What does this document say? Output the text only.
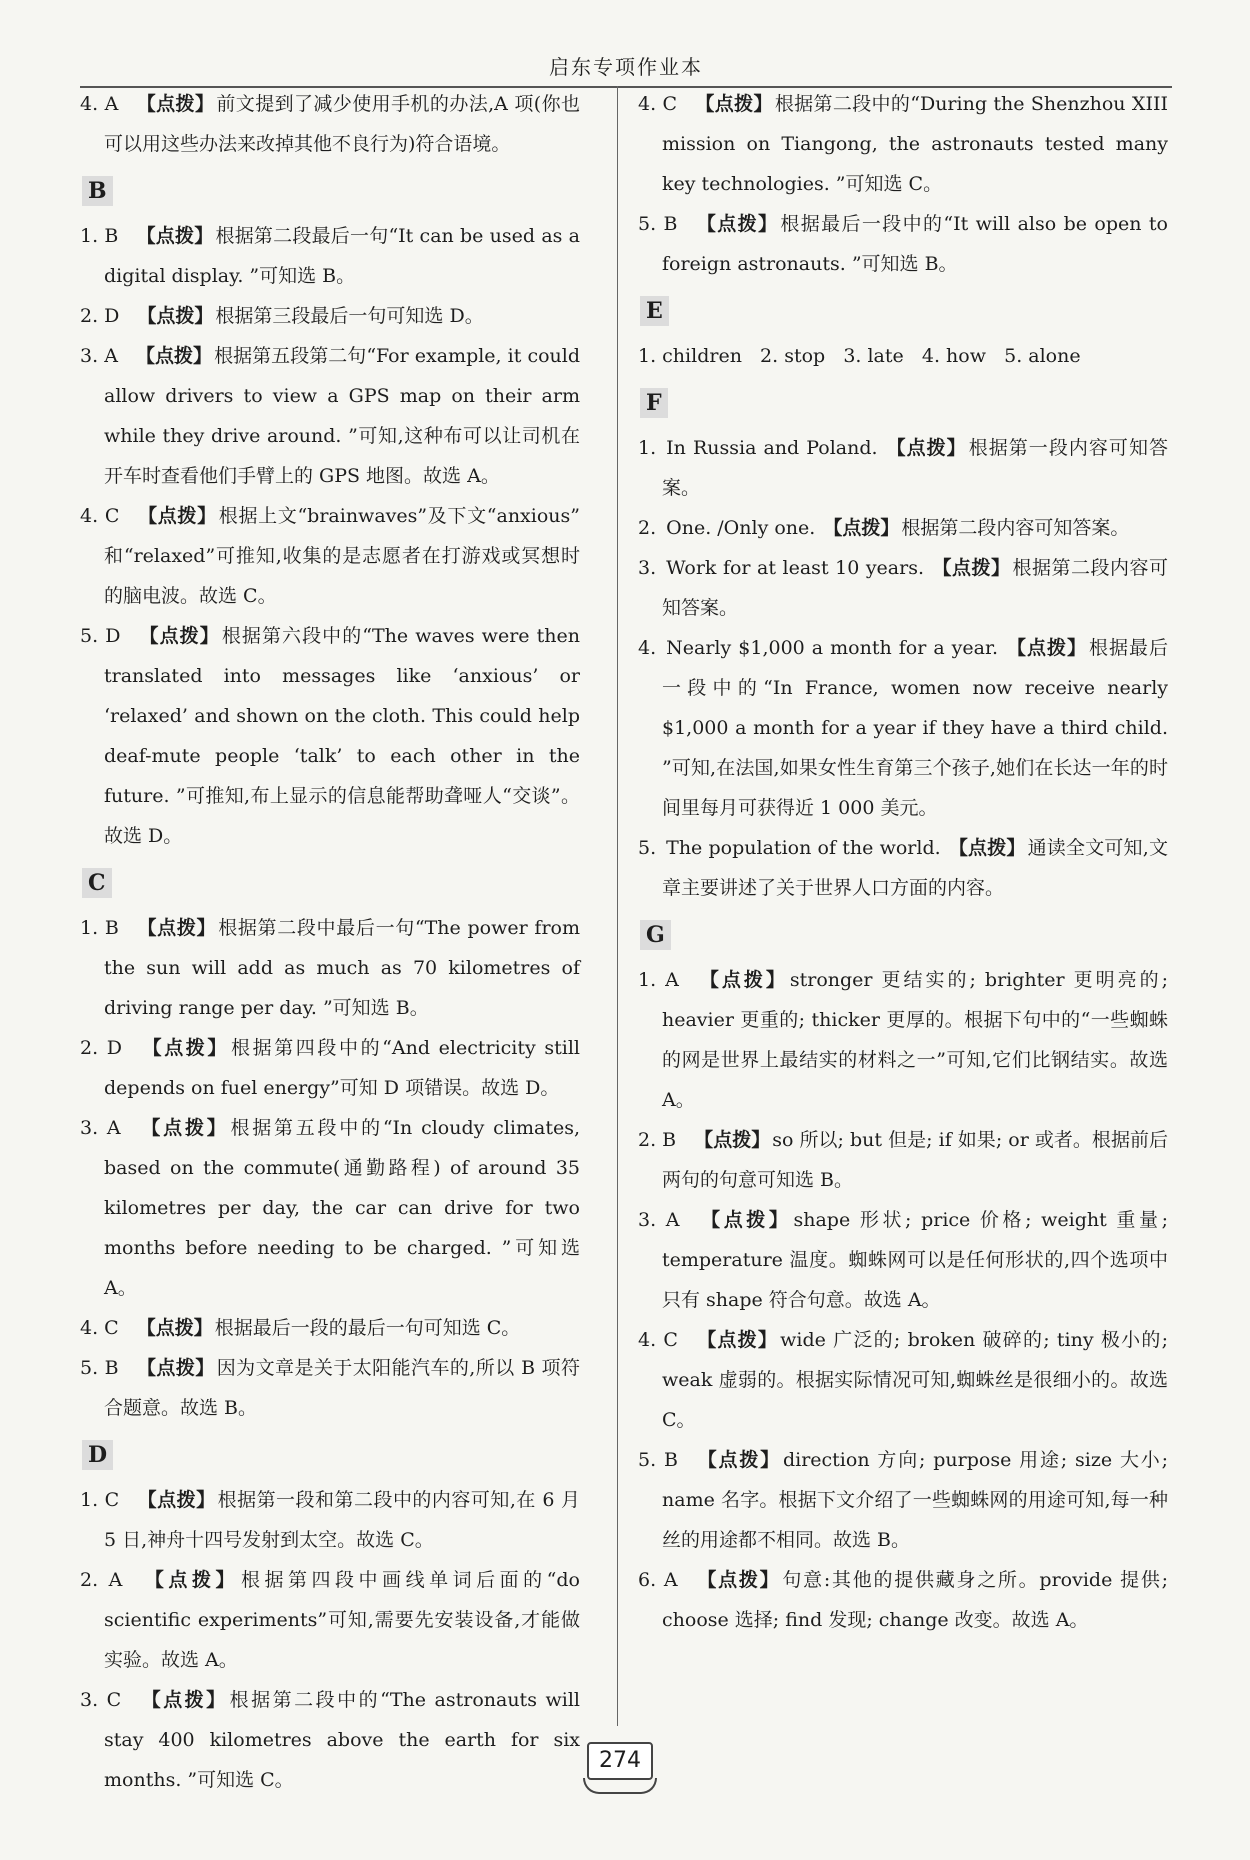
启东专项作业本

4. A 【点拨】 前文提到了减少使用手机的办法,A 项(你也可以用这些办法来改掉其他不良行为)符合语境。

B

1. B 【点拨】 根据第二段最后一句“It can be used as a digital display. ”可知选 B。

2. D 【点拨】 根据第三段最后一句可知选 D。

3. A 【点拨】 根据第五段第二句“For example, it could allow drivers to view a GPS map on their arm while they drive around. ”可知,这种布可以让司机在开车时查看他们手臂上的 GPS 地图。故选 A。

4. C 【点拨】 根据上文“brainwaves”及下文“anxious” 和“relaxed”可推知,收集的是志愿者在打游戏或冥想时的脑电波。故选 C。

5. D 【点拨】 根据第六段中的“The waves were then translated into messages like ‘anxious’ or ‘relaxed’ and shown on the cloth. This could help deaf-mute people ‘talk’ to each other in the future. ”可推知,布上显示的信息能帮助聋哑人“交谈”。故选 D。

C

1. B 【点拨】 根据第二段中最后一句“The power from the sun will add as much as 70 kilometres of driving range per day. ”可知选 B。

2. D 【点拨】 根据第四段中的“And electricity still depends on fuel energy”可知 D 项错误。故选 D。

3. A 【点拨】 根据第五段中的“In cloudy climates, based on the commute(通勤路程) of around 35 kilometres per day, the car can drive for two months before needing to be charged. ”可知选 A。

4. C 【点拨】 根据最后一段的最后一句可知选 C。

5. B 【点拨】 因为文章是关于太阳能汽车的,所以 B 项符合题意。故选 B。

D

1. C 【点拨】 根据第一段和第二段中的内容可知,在 6 月 5 日,神舟十四号发射到太空。故选 C。

2. A 【点拨】 根据第四段中画线单词后面的“do scientific experiments”可知,需要先安装设备,才能做实验。故选 A。

3. C 【点拨】 根据第二段中的“The astronauts will stay 400 kilometres above the earth for six months. ”可知选 C。

4. C 【点拨】 根据第二段中的“During the Shenzhou XIII mission on Tiangong, the astronauts tested many key technologies. ”可知选 C。

5. B 【点拨】 根据最后一段中的“It will also be open to foreign astronauts. ”可知选 B。

E

1. children   2. stop   3. late   4. how   5. alone

F

1. In Russia and Poland. 【点拨】 根据第一段内容可知答案。

2. One. /Only one. 【点拨】 根据第二段内容可知答案。

3. Work for at least 10 years. 【点拨】 根据第二段内容可知答案。

4. Nearly $1,000 a month for a year. 【点拨】 根据最后一段中的“In France, women now receive nearly $1,000 a month for a year if they have a third child. ”可知,在法国,如果女性生育第三个孩子,她们在长达一年的时间里每月可获得近 1 000 美元。

5. The population of the world. 【点拨】 通读全文可知,文章主要讲述了关于世界人口方面的内容。

G

1. A 【点拨】 stronger 更结实的; brighter 更明亮的; heavier 更重的; thicker 更厚的。根据下句中的“一些蜘蛛的网是世界上最结实的材料之一”可知,它们比钢结实。故选 A。

2. B 【点拨】 so 所以; but 但是; if 如果; or 或者。根据前后两句的句意可知选 B。

3. A 【点拨】 shape 形状; price 价格; weight 重量; temperature 温度。蜘蛛网可以是任何形状的,四个选项中只有 shape 符合句意。故选 A。

4. C 【点拨】 wide 广泛的; broken 破碎的; tiny 极小的; weak 虚弱的。根据实际情况可知,蜘蛛丝是很细小的。故选 C。

5. B 【点拨】 direction 方向; purpose 用途; size 大小; name 名字。根据下文介绍了一些蜘蛛网的用途可知,每一种丝的用途都不相同。故选 B。

6. A 【点拨】 句意:其他的提供藏身之所。provide 提供; choose 选择; find 发现; change 改变。故选 A。

274
